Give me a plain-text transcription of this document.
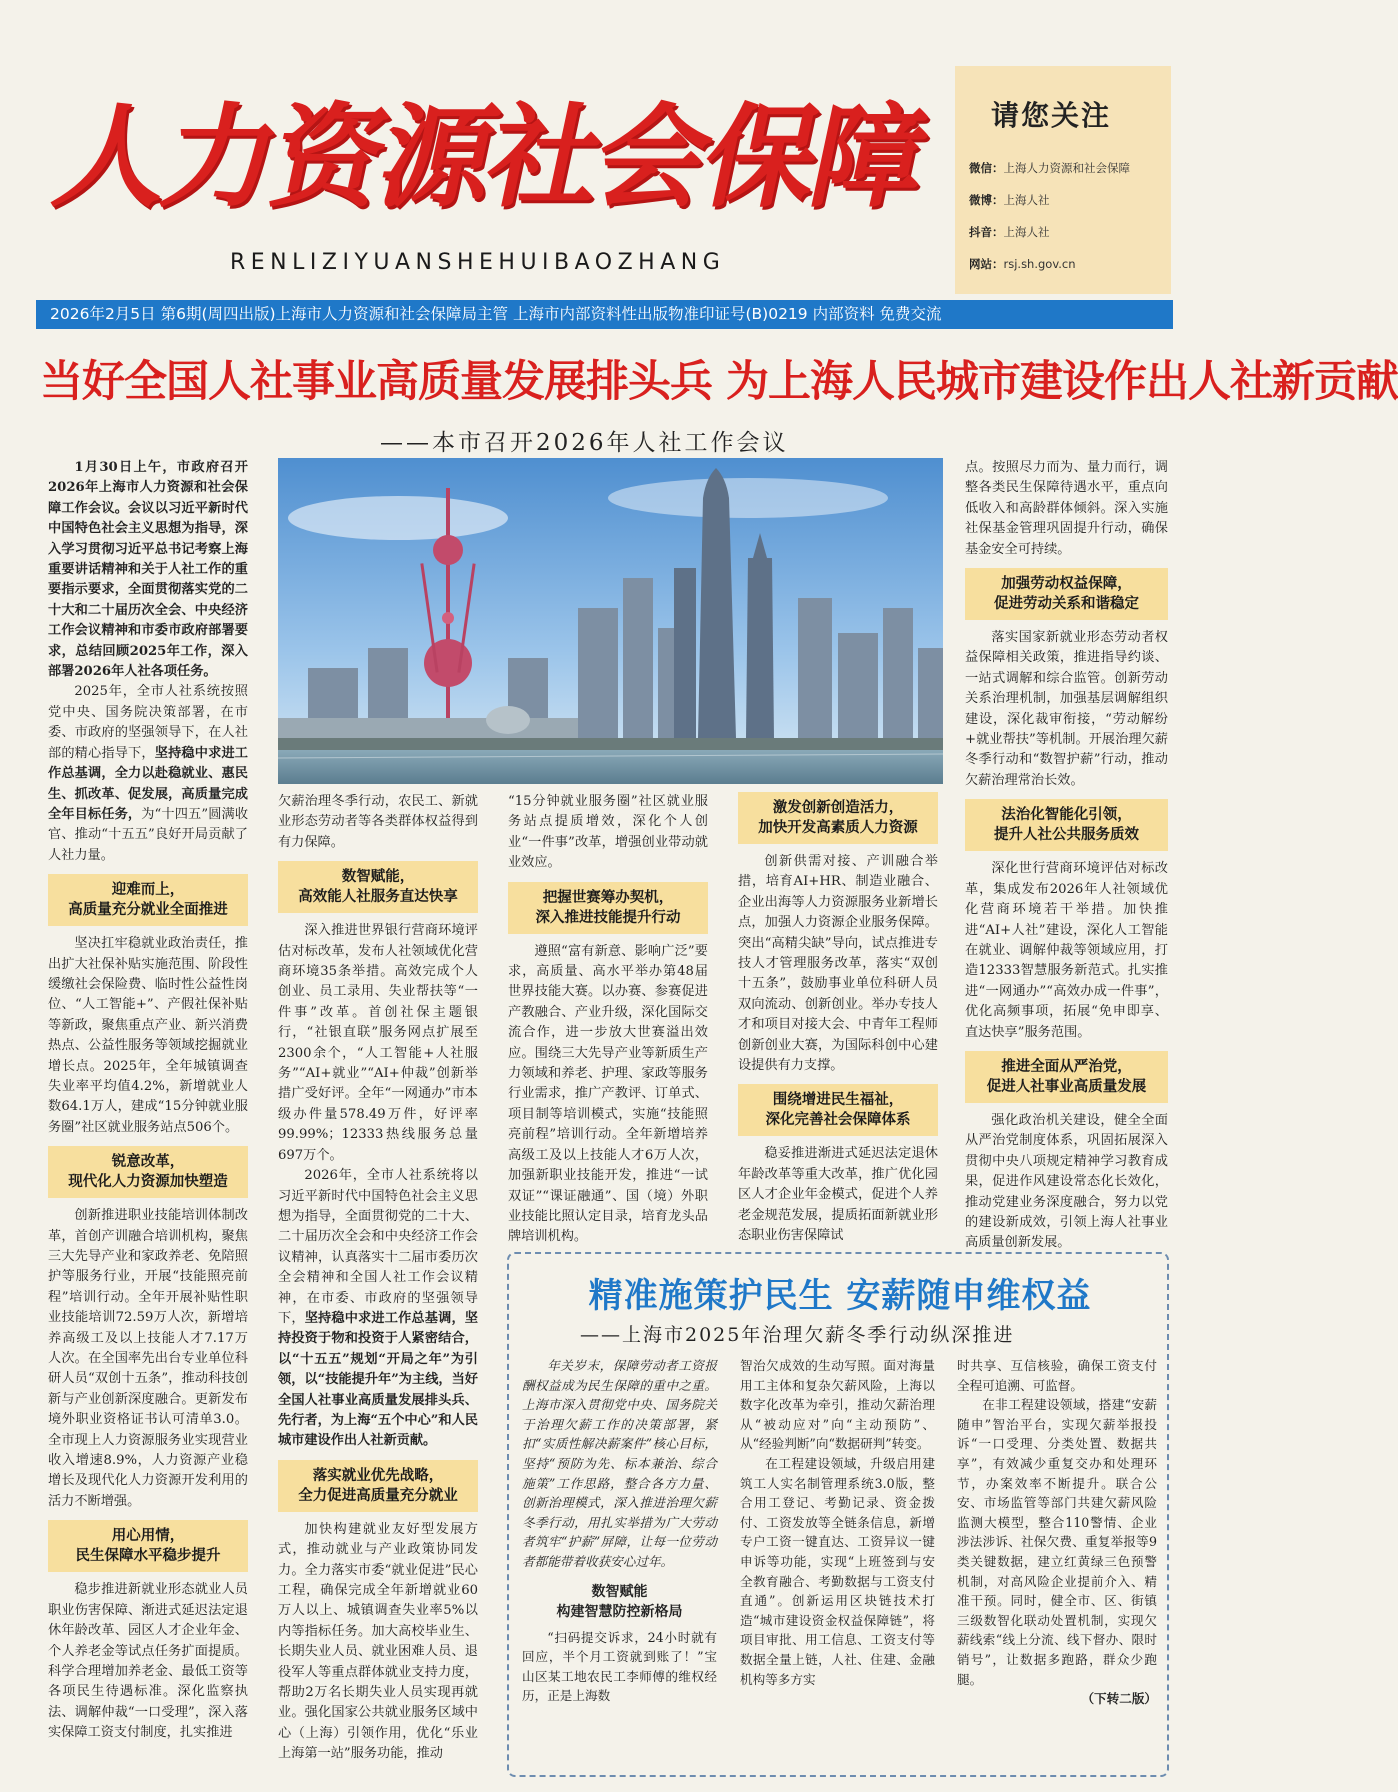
人力资源社会保障
RENLIZIYUANSHEHUIBAOZHANG
请您关注
微信：上海人力资源和社会保障
微博：上海人社
抖音：上海人社
网站：rsj.sh.gov.cn
2026年2月5日 第6期(周四出版)上海市人力资源和社会保障局主管 上海市内部资料性出版物准印证号(B)0219 内部资料 免费交流
当好全国人社事业高质量发展排头兵 为上海人民城市建设作出人社新贡献
——本市召开2026年人社工作会议

1月30日上午，市政府召开2026年上海市人力资源和社会保障工作会议。会议以习近平新时代中国特色社会主义思想为指导，深入学习贯彻习近平总书记考察上海重要讲话精神和关于人社工作的重要指示要求，全面贯彻落实党的二十大和二十届历次全会、中央经济工作会议精神和市委市政府部署要求，总结回顾2025年工作，深入部署2026年人社各项任务。

2025年，全市人社系统按照党中央、国务院决策部署，在市委、市政府的坚强领导下，在人社部的精心指导下，坚持稳中求进工作总基调，全力以赴稳就业、惠民生、抓改革、促发展，高质量完成全年目标任务，为“十四五”圆满收官、推动“十五五”良好开局贡献了人社力量。

迎难而上，
高质量充分就业全面推进

坚决扛牢稳就业政治责任，推出扩大社保补贴实施范围、阶段性缓缴社会保险费、临时性公益性岗位、“人工智能+”、产假社保补贴等新政，聚焦重点产业、新兴消费热点、公益性服务等领域挖掘就业增长点。2025年，全年城镇调查失业率平均值4.2%，新增就业人数64.1万人，建成“15分钟就业服务圈”社区就业服务站点506个。

锐意改革，
现代化人力资源加快塑造

创新推进职业技能培训体制改革，首创产训融合培训机构，聚焦三大先导产业和家政养老、免陪照护等服务行业，开展“技能照亮前程”培训行动。全年开展补贴性职业技能培训72.59万人次，新增培养高级工及以上技能人才7.17万人次。在全国率先出台专业单位科研人员“双创十五条”，推动科技创新与产业创新深度融合。更新发布境外职业资格证书认可清单3.0。全市现上人力资源服务业实现营业收入增速8.9%，人力资源产业稳增长及现代化人力资源开发利用的活力不断增强。

用心用情，
民生保障水平稳步提升

稳步推进新就业形态就业人员职业伤害保障、渐进式延迟法定退休年龄改革、园区人才企业年金、个人养老金等试点任务扩面提质。科学合理增加养老金、最低工资等各项民生待遇标准。深化监察执法、调解仲裁“一口受理”，深入落实保障工资支付制度，扎实推进

欠薪治理冬季行动，农民工、新就业形态劳动者等各类群体权益得到有力保障。

数智赋能，
高效能人社服务直达快享

深入推进世界银行营商环境评估对标改革，发布人社领域优化营商环境35条举措。高效完成个人创业、员工录用、失业帮扶等“一件事”改革。首创社保主题银行，“社银直联”服务网点扩展至2300余个，“人工智能+人社服务”“AI+就业”“AI+仲裁”创新举措广受好评。全年“一网通办”市本级办件量578.49万件，好评率99.99%；12333热线服务总量697万个。

2026年，全市人社系统将以习近平新时代中国特色社会主义思想为指导，全面贯彻党的二十大、二十届历次全会和中央经济工作会议精神，认真落实十二届市委历次全会精神和全国人社工作会议精神，在市委、市政府的坚强领导下，坚持稳中求进工作总基调，坚持投资于物和投资于人紧密结合，以“十五五”规划“开局之年”为引领，以“技能提升年”为主线，当好全国人社事业高质量发展排头兵、先行者，为上海“五个中心”和人民城市建设作出人社新贡献。

落实就业优先战略，
全力促进高质量充分就业

加快构建就业友好型发展方式，推动就业与产业政策协同发力。全力落实市委“就业促进”民心工程，确保完成全年新增就业60万人以上、城镇调查失业率5%以内等指标任务。加大高校毕业生、长期失业人员、就业困难人员、退役军人等重点群体就业支持力度，帮助2万名长期失业人员实现再就业。强化国家公共就业服务区域中心（上海）引领作用，优化“乐业上海第一站”服务功能，推动

“15分钟就业服务圈”社区就业服务站点提质增效，深化个人创业“一件事”改革，增强创业带动就业效应。

把握世赛筹办契机，
深入推进技能提升行动

遵照“富有新意、影响广泛”要求，高质量、高水平举办第48届世界技能大赛。以办赛、参赛促进产教融合、产业升级，深化国际交流合作，进一步放大世赛溢出效应。围绕三大先导产业等新质生产力领域和养老、护理、家政等服务行业需求，推广产教评、订单式、项目制等培训模式，实施“技能照亮前程”培训行动。全年新增培养高级工及以上技能人才6万人次，加强新职业技能开发，推进“一试双证”“课证融通”、国（境）外职业技能比照认定目录，培育龙头品牌培训机构。

激发创新创造活力，
加快开发高素质人力资源

创新供需对接、产训融合举措，培育AI+HR、制造业融合、企业出海等人力资源服务业新增长点，加强人力资源企业服务保障。突出“高精尖缺”导向，试点推进专技人才管理服务改革，落实“双创十五条”，鼓励事业单位科研人员双向流动、创新创业。举办专技人才和项目对接大会、中青年工程师创新创业大赛，为国际科创中心建设提供有力支撑。

围绕增进民生福祉，
深化完善社会保障体系

稳妥推进渐进式延迟法定退休年龄改革等重大改革，推广优化园区人才企业年金模式，促进个人养老金规范发展，提质拓面新就业形态职业伤害保障试

点。按照尽力而为、量力而行，调整各类民生保障待遇水平，重点向低收入和高龄群体倾斜。深入实施社保基金管理巩固提升行动，确保基金安全可持续。

加强劳动权益保障，
促进劳动关系和谐稳定

落实国家新就业形态劳动者权益保障相关政策，推进指导约谈、一站式调解和综合监管。创新劳动关系治理机制，加强基层调解组织建设，深化裁审衔接，“劳动解纷+就业帮扶”等机制。开展治理欠薪冬季行动和“数智护薪”行动，推动欠薪治理常治长效。

法治化智能化引领，
提升人社公共服务质效

深化世行营商环境评估对标改革，集成发布2026年人社领域优化营商环境若干举措。加快推进“AI+人社”建设，深化人工智能在就业、调解仲裁等领域应用，打造12333智慧服务新范式。扎实推进“一网通办”“高效办成一件事”，优化高频事项，拓展“免申即享、直达快享”服务范围。

推进全面从严治党，
促进人社事业高质量发展

强化政治机关建设，健全全面从严治党制度体系，巩固拓展深入贯彻中央八项规定精神学习教育成果，促进作风建设常态化长效化，推动党建业务深度融合，努力以党的建设新成效，引领上海人社事业高质量创新发展。

精准施策护民生 安薪随申维权益
——上海市2025年治理欠薪冬季行动纵深推进

年关岁末，保障劳动者工资报酬权益成为民生保障的重中之重。上海市深入贯彻党中央、国务院关于治理欠薪工作的决策部署，紧扣“实质性解决薪案件”核心目标，坚持“预防为先、标本兼治、综合施策”工作思路，整合各方力量、创新治理模式，深入推进治理欠薪冬季行动，用扎实举措为广大劳动者筑牢“护薪”屏障，让每一位劳动者都能带着收获安心过年。

数智赋能
构建智慧防控新格局

“扫码提交诉求，24小时就有回应，半个月工资就到账了！”宝山区某工地农民工李师傅的维权经历，正是上海数

智治欠成效的生动写照。面对海量用工主体和复杂欠薪风险，上海以数字化改革为牵引，推动欠薪治理从“被动应对”向“主动预防”、从“经验判断”向“数据研判”转变。

在工程建设领域，升级启用建筑工人实名制管理系统3.0版，整合用工登记、考勤记录、资金拨付、工资发放等全链条信息，新增专户工资一键直达、工资异议一键申诉等功能，实现“上班签到与安全教育融合、考勤数据与工资支付直通”。创新运用区块链技术打造“城市建设资金权益保障链”，将项目审批、用工信息、工资支付等数据全量上链，人社、住建、金融机构等多方实

时共享、互信核验，确保工资支付全程可追溯、可监督。

在非工程建设领域，搭建“安薪随申”智治平台，实现欠薪举报投诉“一口受理、分类处置、数据共享”，有效减少重复交办和处理环节，办案效率不断提升。联合公安、市场监管等部门共建欠薪风险监测大模型，整合110警情、企业涉法涉诉、社保欠费、重复举报等9类关键数据，建立红黄绿三色预警机制，对高风险企业提前介入、精准干预。同时，健全市、区、街镇三级数智化联动处置机制，实现欠薪线索“线上分流、线下督办、限时销号”，让数据多跑路，群众少跑腿。

（下转二版）
